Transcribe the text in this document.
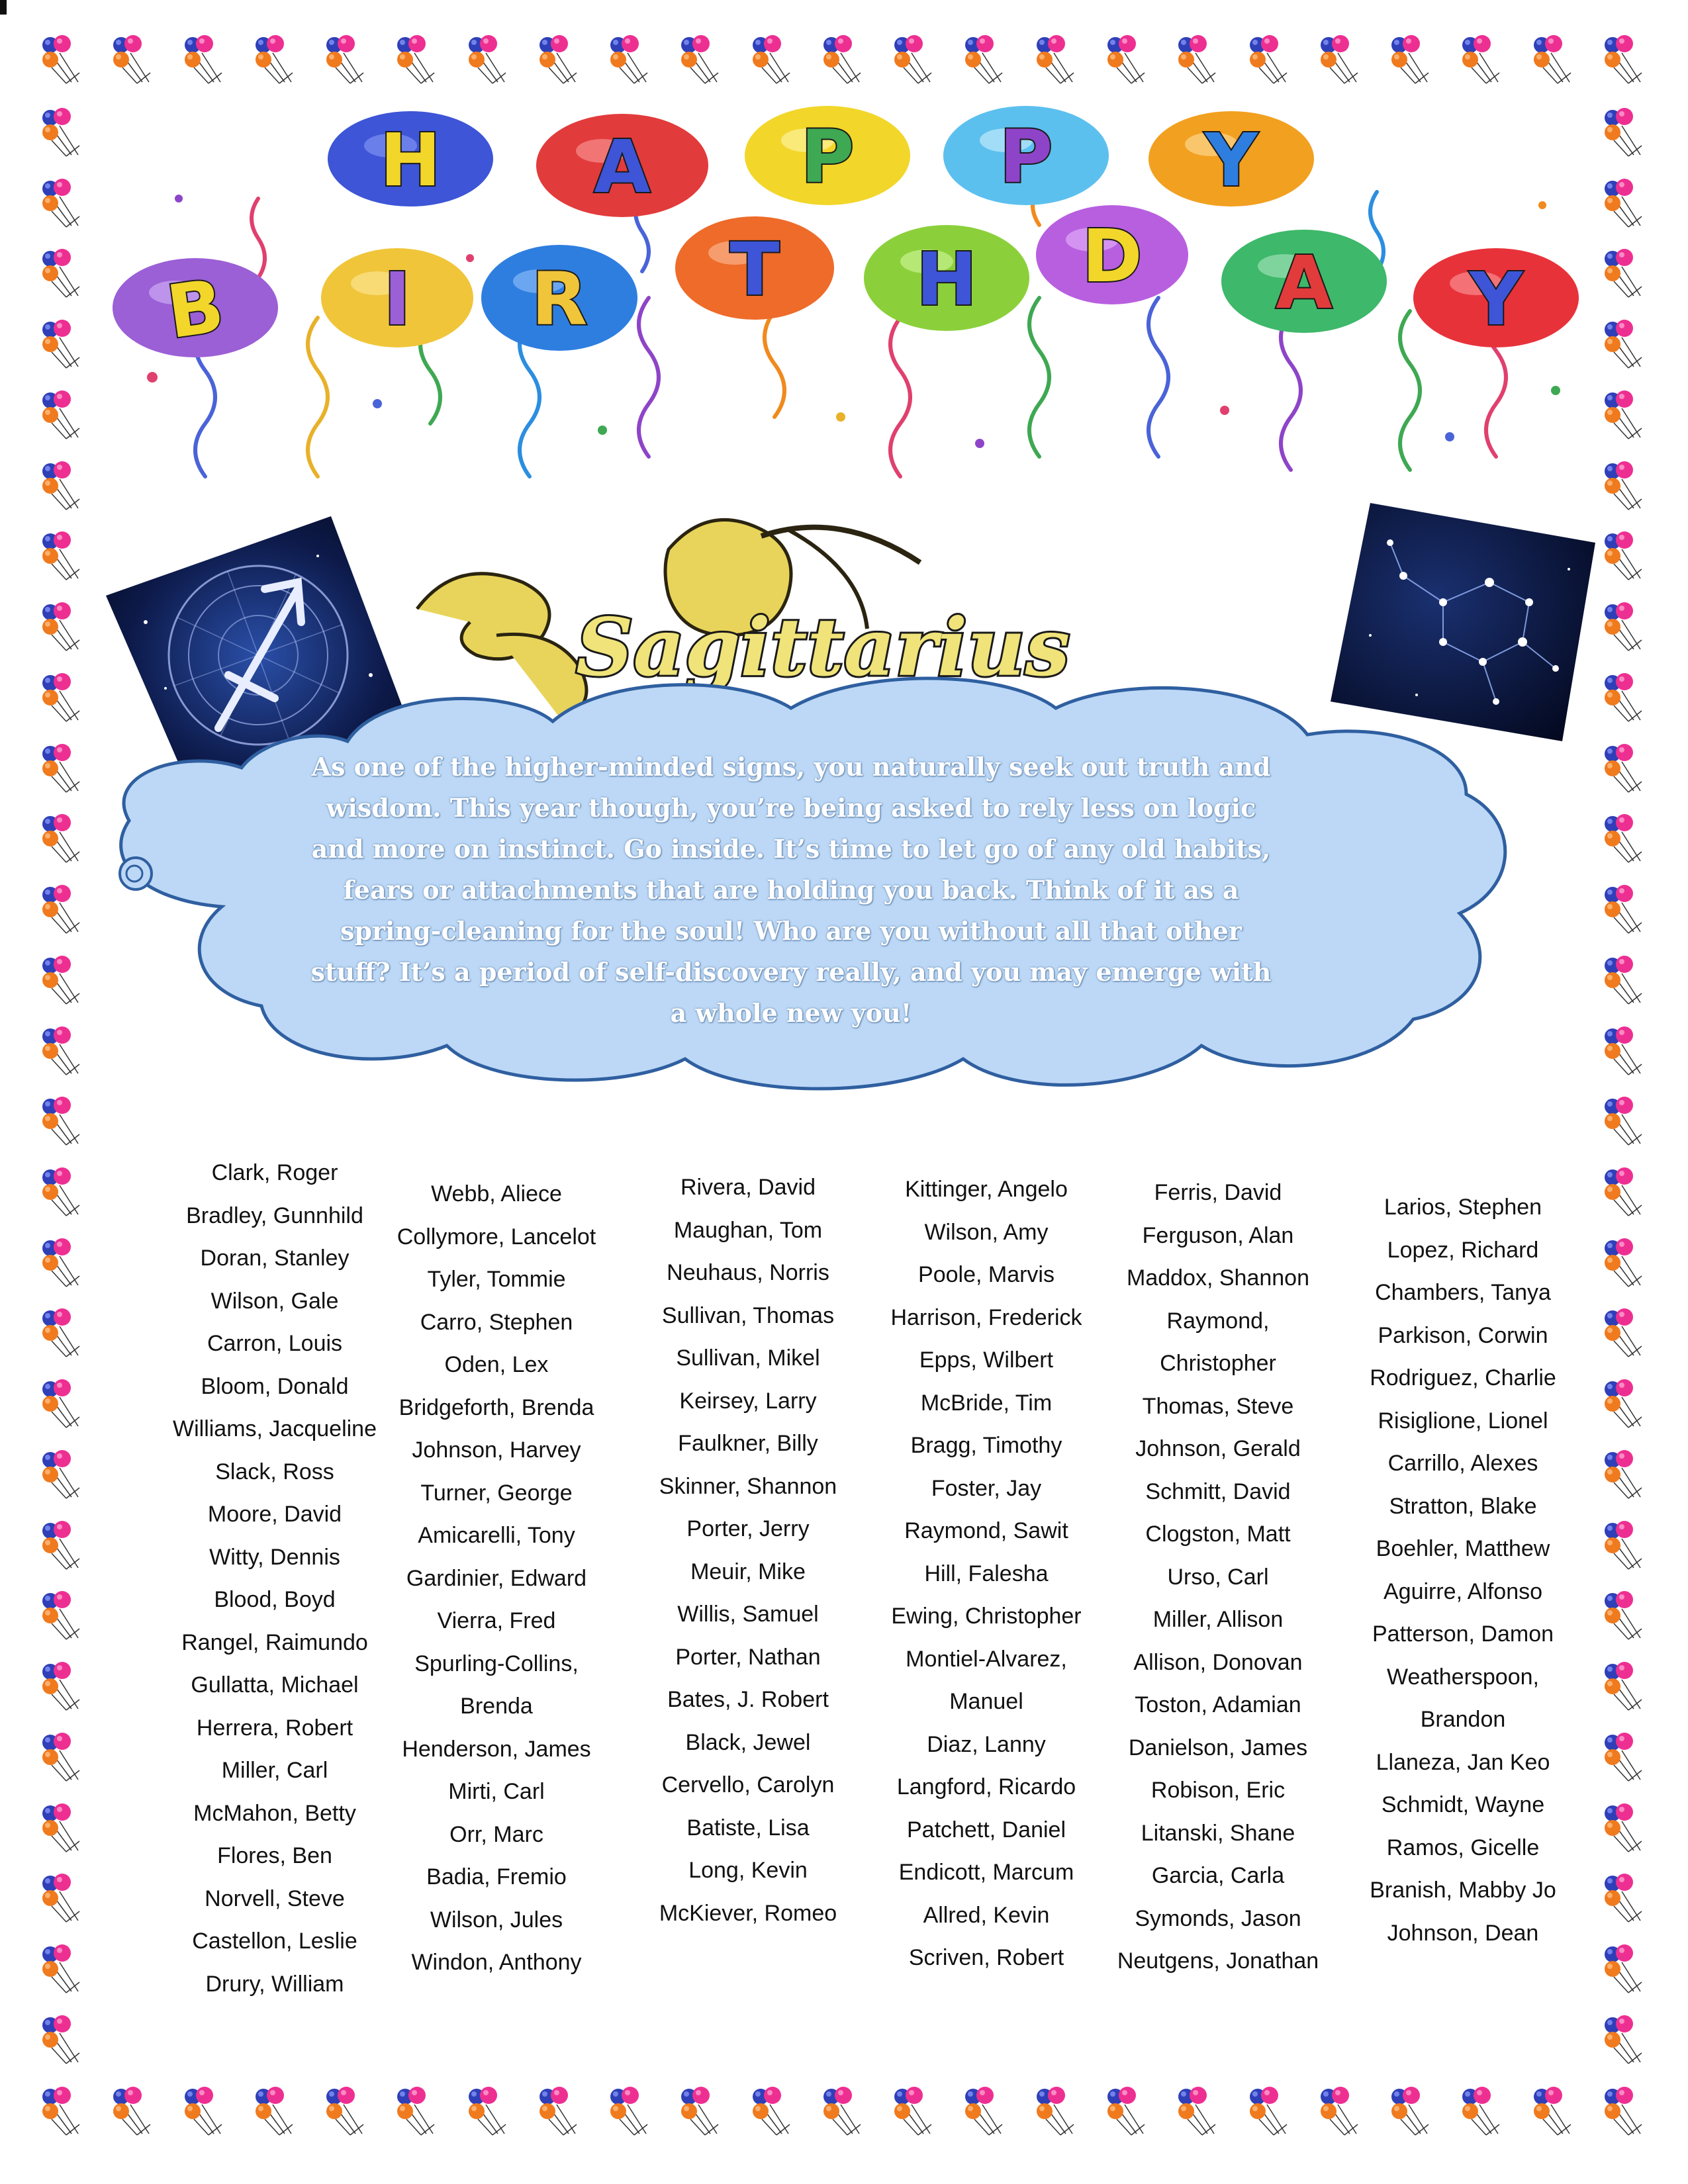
H A P P Y
B I R T H D A Y
Sagittarius
As one of the higher-minded signs, you naturally seek out truth and wisdom. This year though, you’re being asked to rely less on logic and more on instinct. Go inside. It’s time to let go of any old habits, fears or attachments that are holding you back. Think of it as a spring-cleaning for the soul! Who are you without all that other stuff? It’s a period of self-discovery really, and you may emerge with a whole new you!
Clark, Roger
Bradley, Gunnhild
Doran, Stanley
Wilson, Gale
Carron, Louis
Bloom, Donald
Williams, Jacqueline
Slack, Ross
Moore, David
Witty, Dennis
Blood, Boyd
Rangel, Raimundo
Gullatta, Michael
Herrera, Robert
Miller, Carl
McMahon, Betty
Flores, Ben
Norvell, Steve
Castellon, Leslie
Drury, William
Webb, Aliece
Collymore, Lancelot
Tyler, Tommie
Carro, Stephen
Oden, Lex
Bridgeforth, Brenda
Johnson, Harvey
Turner, George
Amicarelli, Tony
Gardinier, Edward
Vierra, Fred
Spurling-Collins,
Brenda
Henderson, James
Mirti, Carl
Orr, Marc
Badia, Fremio
Wilson, Jules
Windon, Anthony
Rivera, David
Maughan, Tom
Neuhaus, Norris
Sullivan, Thomas
Sullivan, Mikel
Keirsey, Larry
Faulkner, Billy
Skinner, Shannon
Porter, Jerry
Meuir, Mike
Willis, Samuel
Porter, Nathan
Bates, J. Robert
Black, Jewel
Cervello, Carolyn
Batiste, Lisa
Long, Kevin
McKiever, Romeo
Kittinger, Angelo
Wilson, Amy
Poole, Marvis
Harrison, Frederick
Epps, Wilbert
McBride, Tim
Bragg, Timothy
Foster, Jay
Raymond, Sawit
Hill, Falesha
Ewing, Christopher
Montiel-Alvarez,
Manuel
Diaz, Lanny
Langford, Ricardo
Patchett, Daniel
Endicott, Marcum
Allred, Kevin
Scriven, Robert
Ferris, David
Ferguson, Alan
Maddox, Shannon
Raymond,
Christopher
Thomas, Steve
Johnson, Gerald
Schmitt, David
Clogston, Matt
Urso, Carl
Miller, Allison
Allison, Donovan
Toston, Adamian
Danielson, James
Robison, Eric
Litanski, Shane
Garcia, Carla
Symonds, Jason
Neutgens, Jonathan
Larios, Stephen
Lopez, Richard
Chambers, Tanya
Parkison, Corwin
Rodriguez, Charlie
Risiglione, Lionel
Carrillo, Alexes
Stratton, Blake
Boehler, Matthew
Aguirre, Alfonso
Patterson, Damon
Weatherspoon,
Brandon
Llaneza, Jan Keo
Schmidt, Wayne
Ramos, Gicelle
Branish, Mabby Jo
Johnson, Dean
